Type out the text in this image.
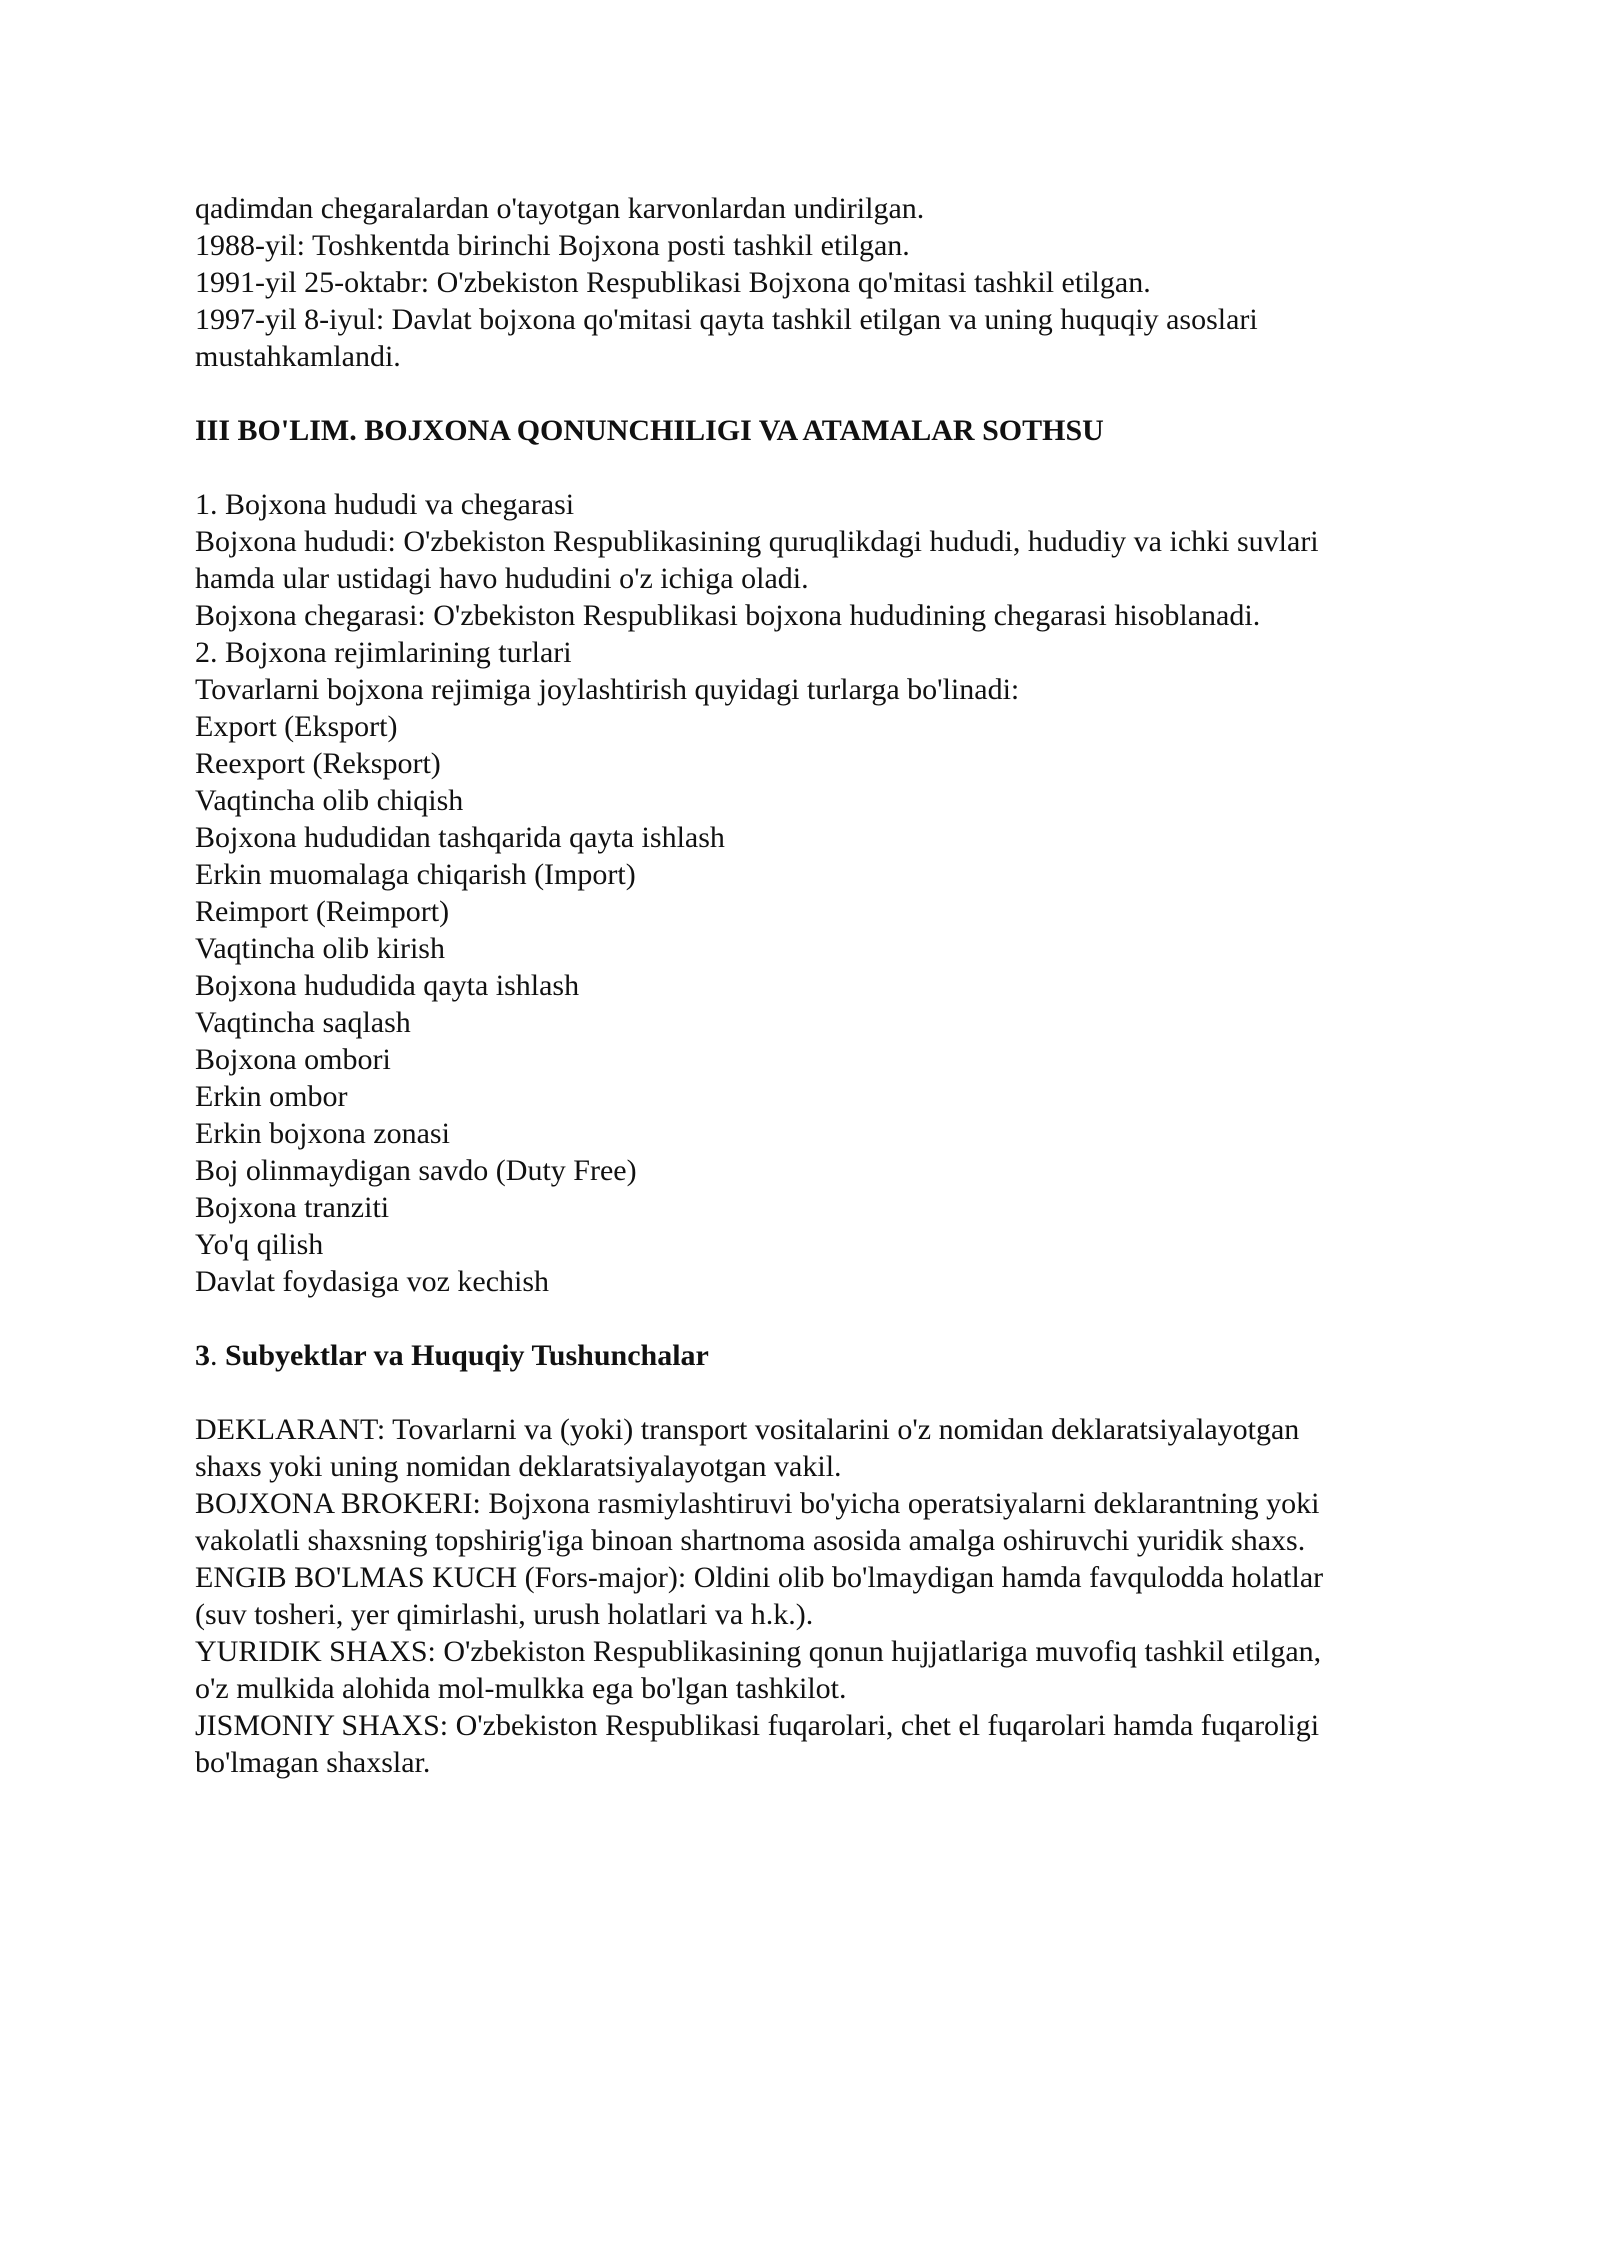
qadimdan chegaralardan o'tayotgan karvonlardan undirilgan.
1988-yil: Toshkentda birinchi Bojxona posti tashkil etilgan.
1991-yil 25-oktabr: O'zbekiston Respublikasi Bojxona qo'mitasi tashkil etilgan.
1997-yil 8-iyul: Davlat bojxona qo'mitasi qayta tashkil etilgan va uning huquqiy asoslari
mustahkamlandi.
III BO'LIM. BOJXONA QONUNCHILIGI VA ATAMALAR SOTHSU
1. Bojxona hududi va chegarasi
Bojxona hududi: O'zbekiston Respublikasining quruqlikdagi hududi, hududiy va ichki suvlari
hamda ular ustidagi havo hududini o'z ichiga oladi.
Bojxona chegarasi: O'zbekiston Respublikasi bojxona hududining chegarasi hisoblanadi.
2. Bojxona rejimlarining turlari
Tovarlarni bojxona rejimiga joylashtirish quyidagi turlarga bo'linadi:
Export (Eksport)
Reexport (Reksport)
Vaqtincha olib chiqish
Bojxona hududidan tashqarida qayta ishlash
Erkin muomalaga chiqarish (Import)
Reimport (Reimport)
Vaqtincha olib kirish
Bojxona hududida qayta ishlash
Vaqtincha saqlash
Bojxona ombori
Erkin ombor
Erkin bojxona zonasi
Boj olinmaydigan savdo (Duty Free)
Bojxona tranziti
Yo'q qilish
Davlat foydasiga voz kechish
3. Subyektlar va Huquqiy Tushunchalar
DEKLARANT: Tovarlarni va (yoki) transport vositalarini o'z nomidan deklaratsiyalayotgan
shaxs yoki uning nomidan deklaratsiyalayotgan vakil.
BOJXONA BROKERI: Bojxona rasmiylashtiruvi bo'yicha operatsiyalarni deklarantning yoki
vakolatli shaxsning topshirig'iga binoan shartnoma asosida amalga oshiruvchi yuridik shaxs.
ENGIB BO'LMAS KUCH (Fors-major): Oldini olib bo'lmaydigan hamda favqulodda holatlar
(suv tosheri, yer qimirlashi, urush holatlari va h.k.).
YURIDIK SHAXS: O'zbekiston Respublikasining qonun hujjatlariga muvofiq tashkil etilgan,
o'z mulkida alohida mol-mulkka ega bo'lgan tashkilot.
JISMONIY SHAXS: O'zbekiston Respublikasi fuqarolari, chet el fuqarolari hamda fuqaroligi
bo'lmagan shaxslar.
